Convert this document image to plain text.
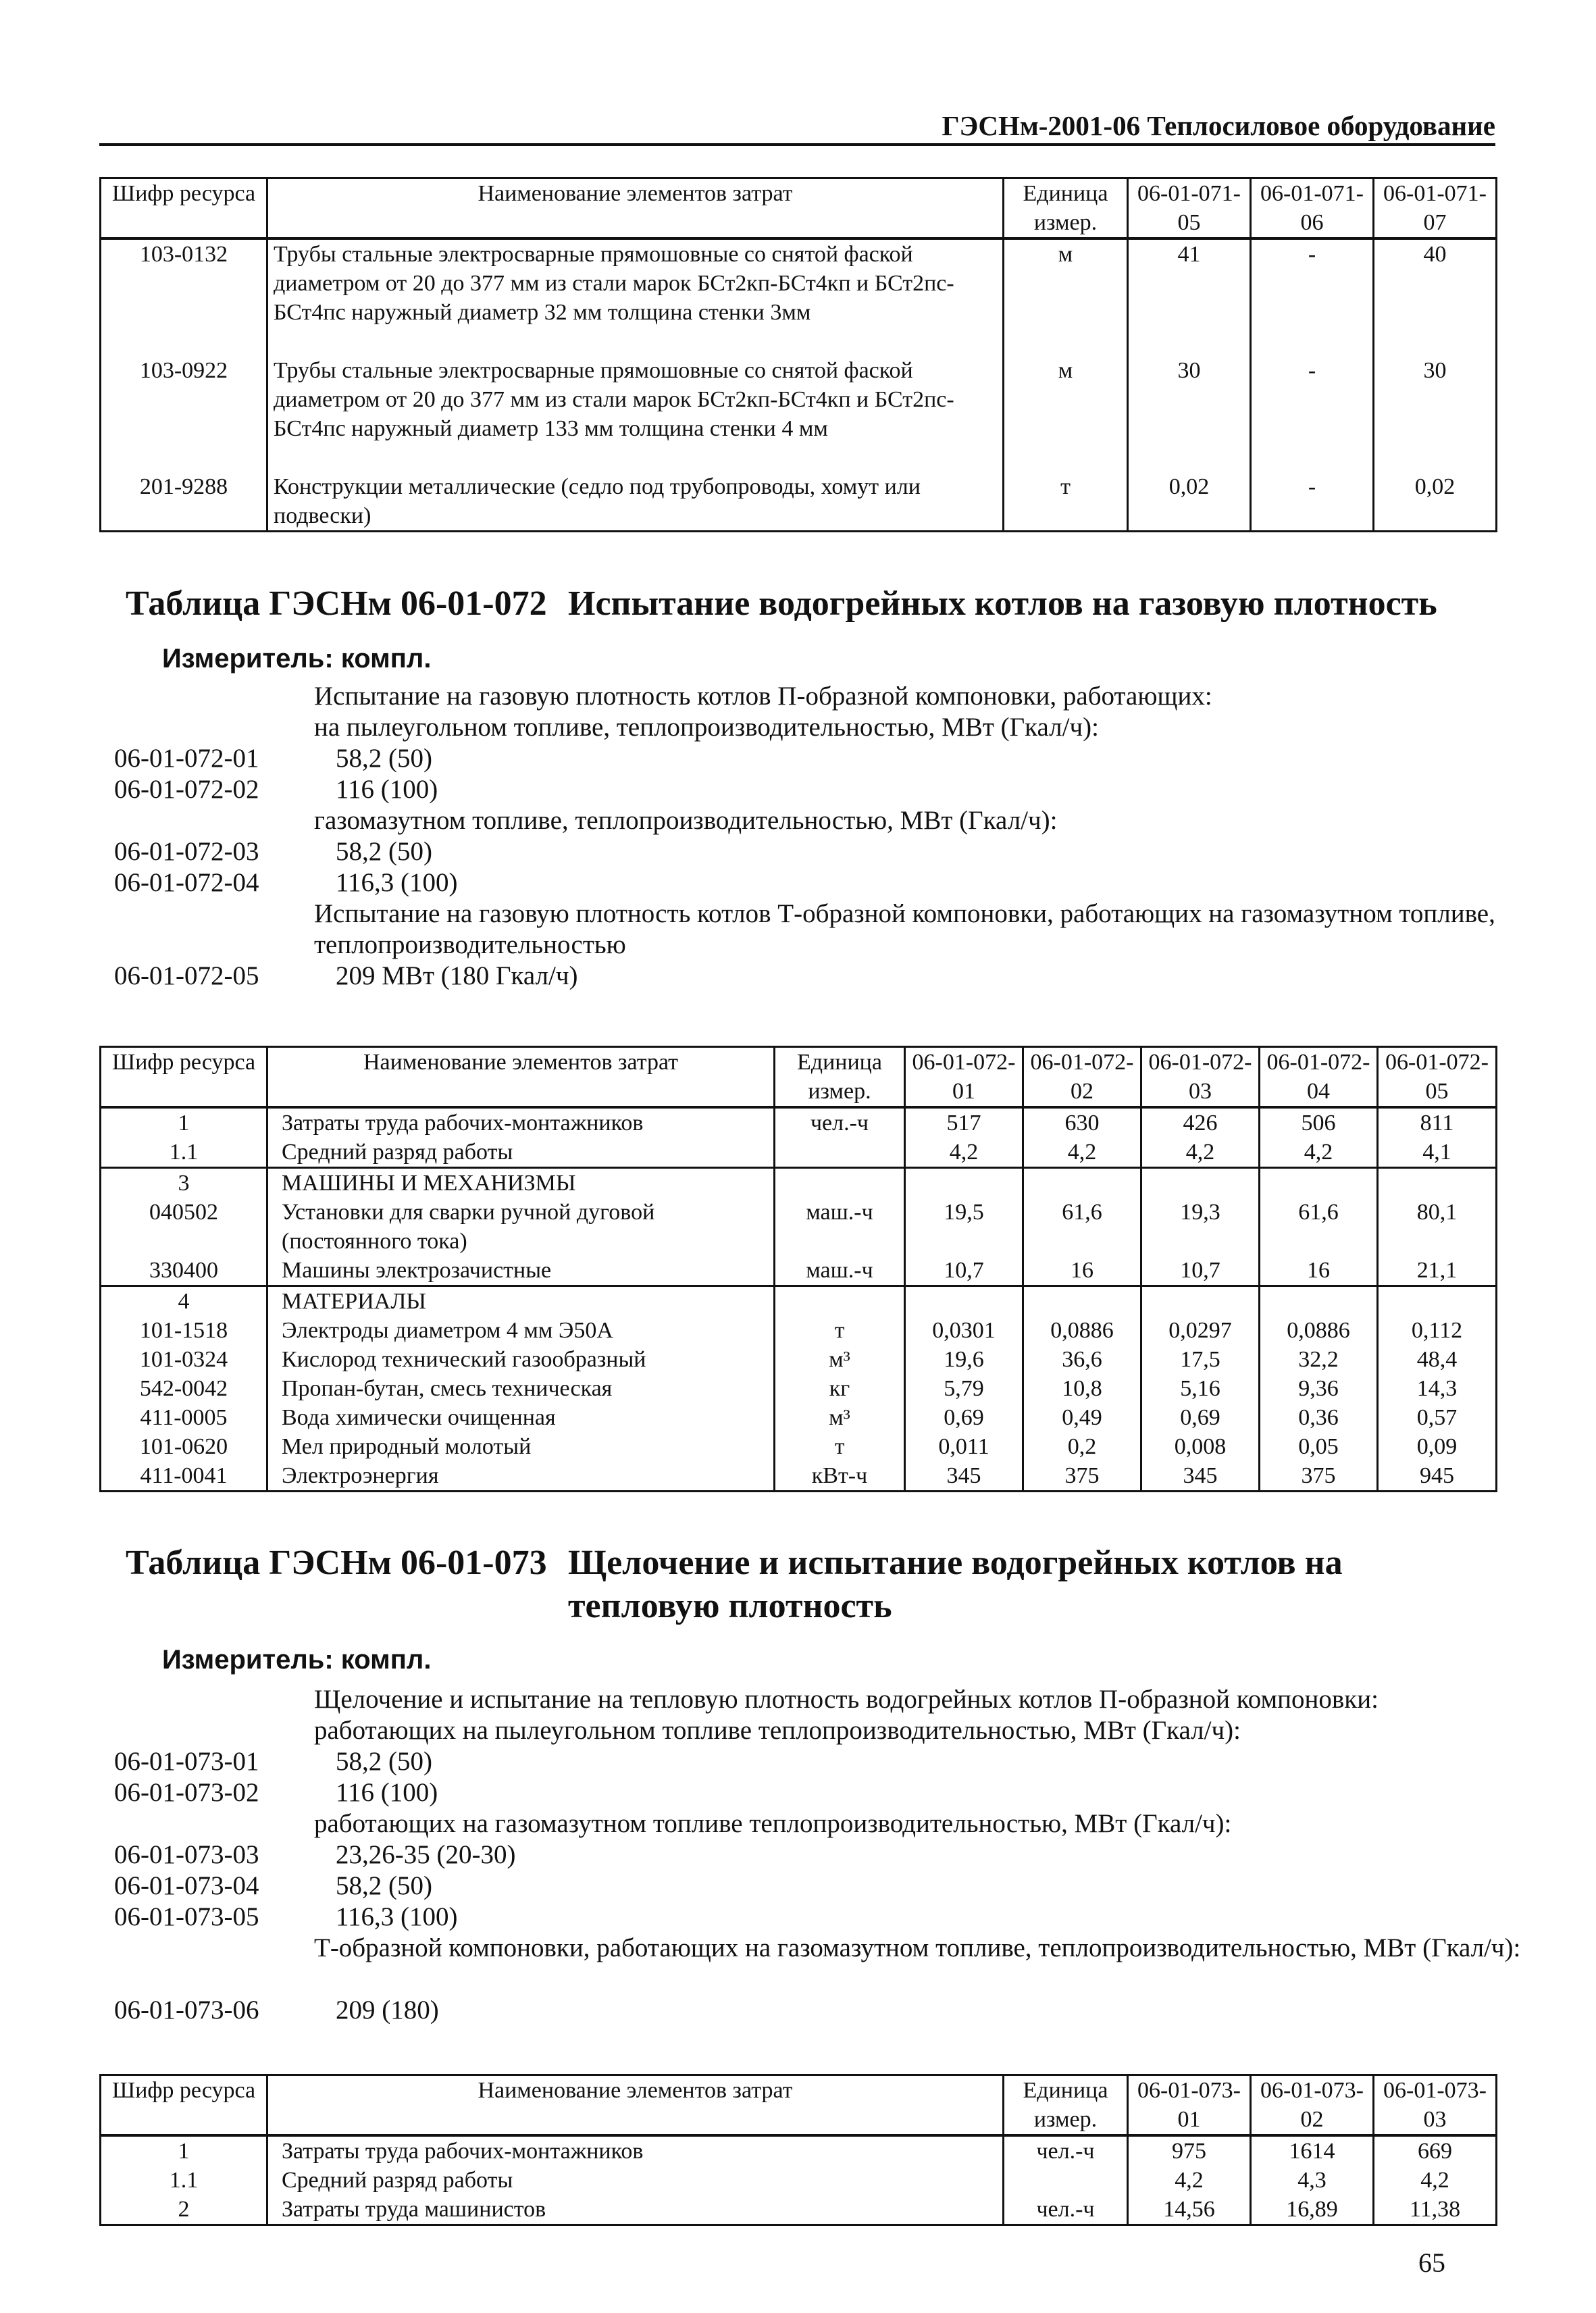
ГЭСНм-2001-06 Теплосиловое оборудование
Шифр ресурса	Наименование элементов затрат	Единица измер.	06-01-071-05	06-01-071-06	06-01-071-07
103-0132	Трубы стальные электросварные прямошовные со снятой фаской диаметром от 20 до 377 мм из стали марок БСт2кп-БСт4кп и БСт2пс-БСт4пс наружный диаметр 32 мм толщина стенки 3мм	м	41	-	40
103-0922	Трубы стальные электросварные прямошовные со снятой фаской диаметром от 20 до 377 мм из стали марок БСт2кп-БСт4кп и БСт2пс-БСт4пс наружный диаметр 133 мм толщина стенки 4 мм	м	30	-	30
201-9288	Конструкции металлические (седло под трубопроводы, хомут или подвески)	т	0,02	-	0,02
Таблица ГЭСНм 06-01-072 Испытание водогрейных котлов на газовую плотность
Измеритель: компл.
Испытание на газовую плотность котлов П-образной компоновки, работающих:
на пылеугольном топливе, теплопроизводительностью, МВт (Гкал/ч):
06-01-072-01	58,2 (50)
06-01-072-02	116 (100)
газомазутном топливе, теплопроизводительностью, МВт (Гкал/ч):
06-01-072-03	58,2 (50)
06-01-072-04	116,3 (100)
Испытание на газовую плотность котлов Т-образной компоновки, работающих на газомазутном топливе, теплопроизводительностью
06-01-072-05	209 МВт (180 Гкал/ч)
Шифр ресурса	Наименование элементов затрат	Единица измер.	06-01-072-01	06-01-072-02	06-01-072-03	06-01-072-04	06-01-072-05
1	Затраты труда рабочих-монтажников	чел.-ч	517	630	426	506	811
1.1	Средний разряд работы		4,2	4,2	4,2	4,2	4,1
3	МАШИНЫ И МЕХАНИЗМЫ						
040502	Установки для сварки ручной дуговой (постоянного тока)	маш.-ч	19,5	61,6	19,3	61,6	80,1
330400	Машины электрозачистные	маш.-ч	10,7	16	10,7	16	21,1
4	МАТЕРИАЛЫ						
101-1518	Электроды диаметром 4 мм Э50А	т	0,0301	0,0886	0,0297	0,0886	0,112
101-0324	Кислород технический газообразный	м³	19,6	36,6	17,5	32,2	48,4
542-0042	Пропан-бутан, смесь техническая	кг	5,79	10,8	5,16	9,36	14,3
411-0005	Вода химически очищенная	м³	0,69	0,49	0,69	0,36	0,57
101-0620	Мел природный молотый	т	0,011	0,2	0,008	0,05	0,09
411-0041	Электроэнергия	кВт-ч	345	375	345	375	945
Таблица ГЭСНм 06-01-073 Щелочение и испытание водогрейных котлов на тепловую плотность
Измеритель: компл.
Щелочение и испытание на тепловую плотность водогрейных котлов П-образной компоновки:
работающих на пылеугольном топливе теплопроизводительностью, МВт (Гкал/ч):
06-01-073-01	58,2 (50)
06-01-073-02	116 (100)
работающих на газомазутном топливе теплопроизводительностью, МВт (Гкал/ч):
06-01-073-03	23,26-35 (20-30)
06-01-073-04	58,2 (50)
06-01-073-05	116,3 (100)
Т-образной компоновки, работающих на газомазутном топливе, теплопроизводительностью, МВт (Гкал/ч):
06-01-073-06	209 (180)
Шифр ресурса	Наименование элементов затрат	Единица измер.	06-01-073-01	06-01-073-02	06-01-073-03
1	Затраты труда рабочих-монтажников	чел.-ч	975	1614	669
1.1	Средний разряд работы		4,2	4,3	4,2
2	Затраты труда машинистов	чел.-ч	14,56	16,89	11,38
65
